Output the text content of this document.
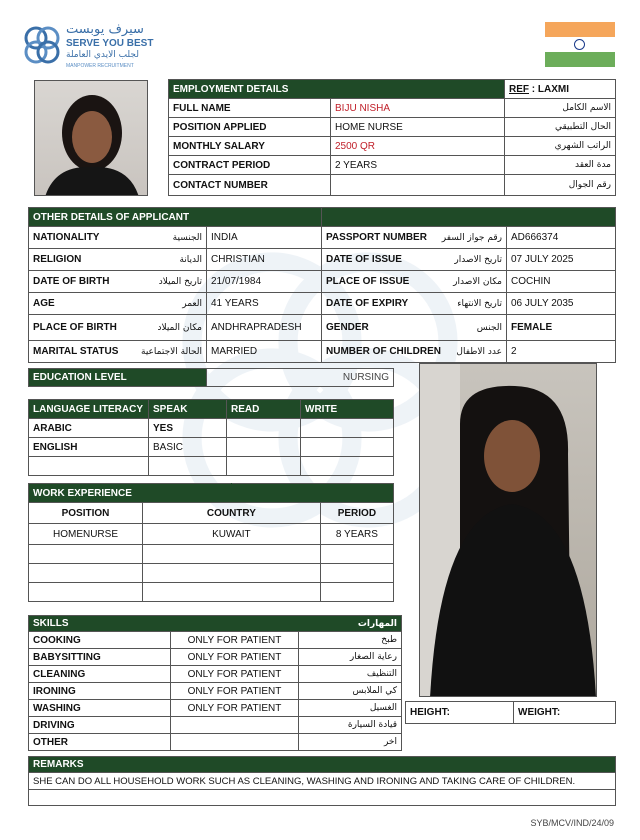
سيرف يوبست
SERVE YOU BEST
لجلب الايدي العاملة
MANPOWER RECRUITMENT
EMPLOYMENT DETAILS		REF : LAXMI
FULL NAME	BIJU NISHA	الاسم الكامل
POSITION APPLIED	HOME NURSE	الحال التطبيقي
MONTHLY SALARY	2500 QR	الراتب الشهري
CONTRACT PERIOD	2 YEARS	مدة العقد
CONTACT NUMBER		رقم الجوال
OTHER DETAILS OF APPLICANT			

NATIONALITY الجنسية	INDIA	PASSPORT NUMBER رقم جواز السفر	AD666374

RELIGION الديانة	CHRISTIAN	DATE OF ISSUE تاريخ الاصدار	07 JULY 2025

DATE OF BIRTH تاريخ الميلاد	21/07/1984	PLACE OF ISSUE مكان الاصدار	COCHIN

AGE العمر	41 YEARS	DATE OF EXPIRY تاريخ الانتهاء	06 JULY 2035

PLACE OF BIRTH مكان الميلاد	ANDHRAPRADESH	GENDER الجنس	FEMALE

MARITAL STATUS الحالة الاجتماعية	MARRIED	NUMBER OF CHILDREN عدد الاطفال	2
EDUCATION LEVEL	NURSING
LANGUAGE LITERACY	SPEAK	READ	WRITE
ARABIC	YES		
ENGLISH	BASIC		

WORK EXPERIENCE			
POSITION	COUNTRY		PERIOD
HOMENURSE	KUWAIT		8 YEARS

SKILLS		المهارات
COOKING	ONLY FOR PATIENT	طبخ
BABYSITTING	ONLY FOR PATIENT	رعاية الصغار
CLEANING	ONLY FOR PATIENT	التنظيف
IRONING	ONLY FOR PATIENT	كي الملابس
WASHING	ONLY FOR PATIENT	الغسيل
DRIVING		قيادة السيارة
OTHER		اخر
HEIGHT:	WEIGHT:
REMARKS
SHE CAN DO ALL HOUSEHOLD WORK SUCH AS CLEANING, WASHING AND IRONING AND TAKING CARE OF CHILDREN.

SYB/MCV/IND/24/09
